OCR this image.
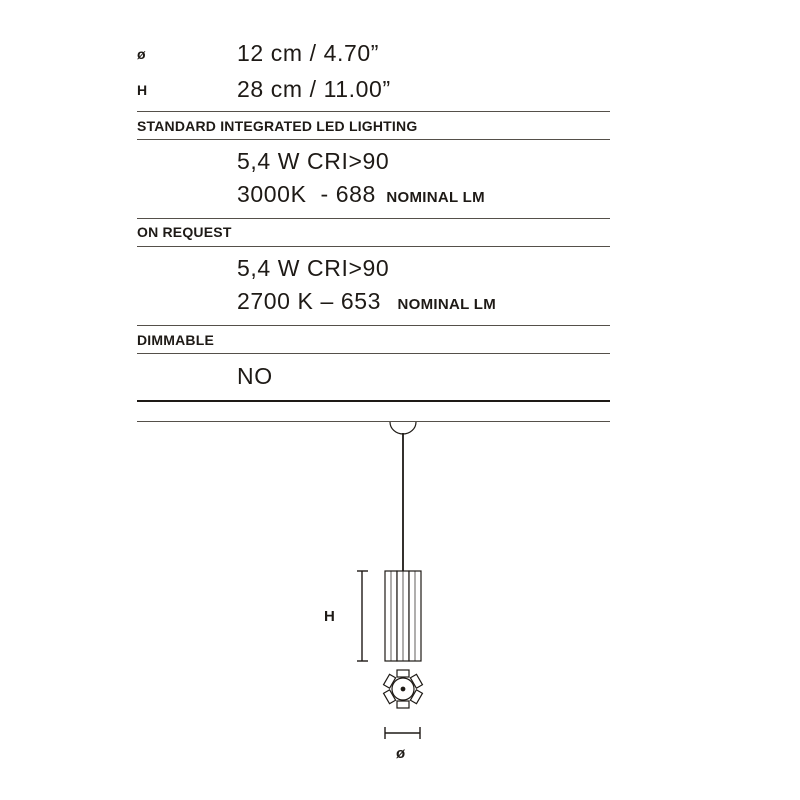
ø	12 cm / 4.70”
H	28 cm / 11.00”
STANDARD INTEGRATED LED LIGHTING
5,4 W CRI>90
3000K  - 688 NOMINAL LM
ON REQUEST
5,4 W CRI>90
2700 K – 653 NOMINAL LM
DIMMABLE
NO
H
ø
